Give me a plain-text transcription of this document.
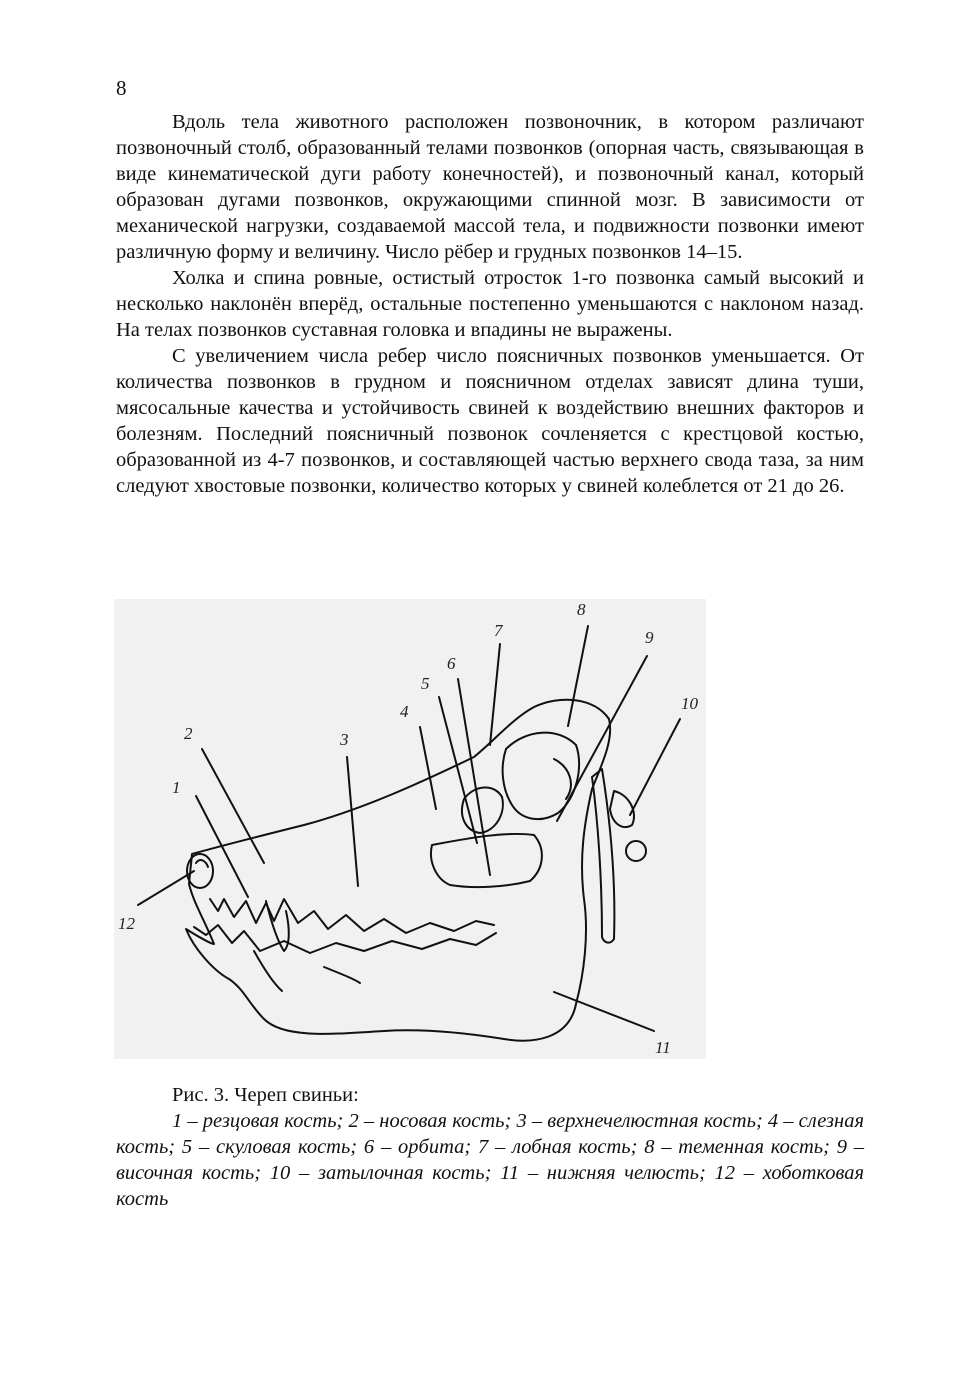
8

Вдоль тела животного расположен позвоночник, в котором различают позвоночный столб, образованный телами позвонков (опорная часть, связывающая в виде кинематической дуги работу конечностей), и позвоночный канал, который образован дугами позвонков, окружающими спинной мозг. В зависимости от механической нагрузки, создаваемой массой тела, и подвижности позвонки имеют различную форму и величину. Число рёбер и грудных позвонков 14–15.

Холка и спина ровные, остистый отросток 1-го позвонка самый высокий и несколько наклонён вперёд, остальные постепенно уменьшаются с наклоном назад. На телах позвонков суставная головка и впадины не выражены.

С увеличением числа ребер число поясничных позвонков уменьшается. От количества позвонков в грудном и поясничном отделах зависят длина туши, мясосальные качества и устойчивость свиней к воздействию внешних факторов и болезням. Последний поясничный позвонок сочленяется с крестцовой костью, образованной из 4-7 позвонков, и составляющей частью верхнего свода таза, за ним следуют хвостовые позвонки, количество которых у свиней колеблется от 21 до 26.

1
2	3
4
5
6
7
8
9
10
11
12

Рис. 3. Череп свиньи:

1 – резцовая кость; 2 – носовая кость; 3 – верхнечелюстная кость; 4 – слезная кость; 5 – скуловая кость; 6 – орбита; 7 – лобная кость; 8 – теменная кость; 9 – височная кость; 10 – затылочная кость; 11 – нижняя челюсть; 12 – хоботковая кость
